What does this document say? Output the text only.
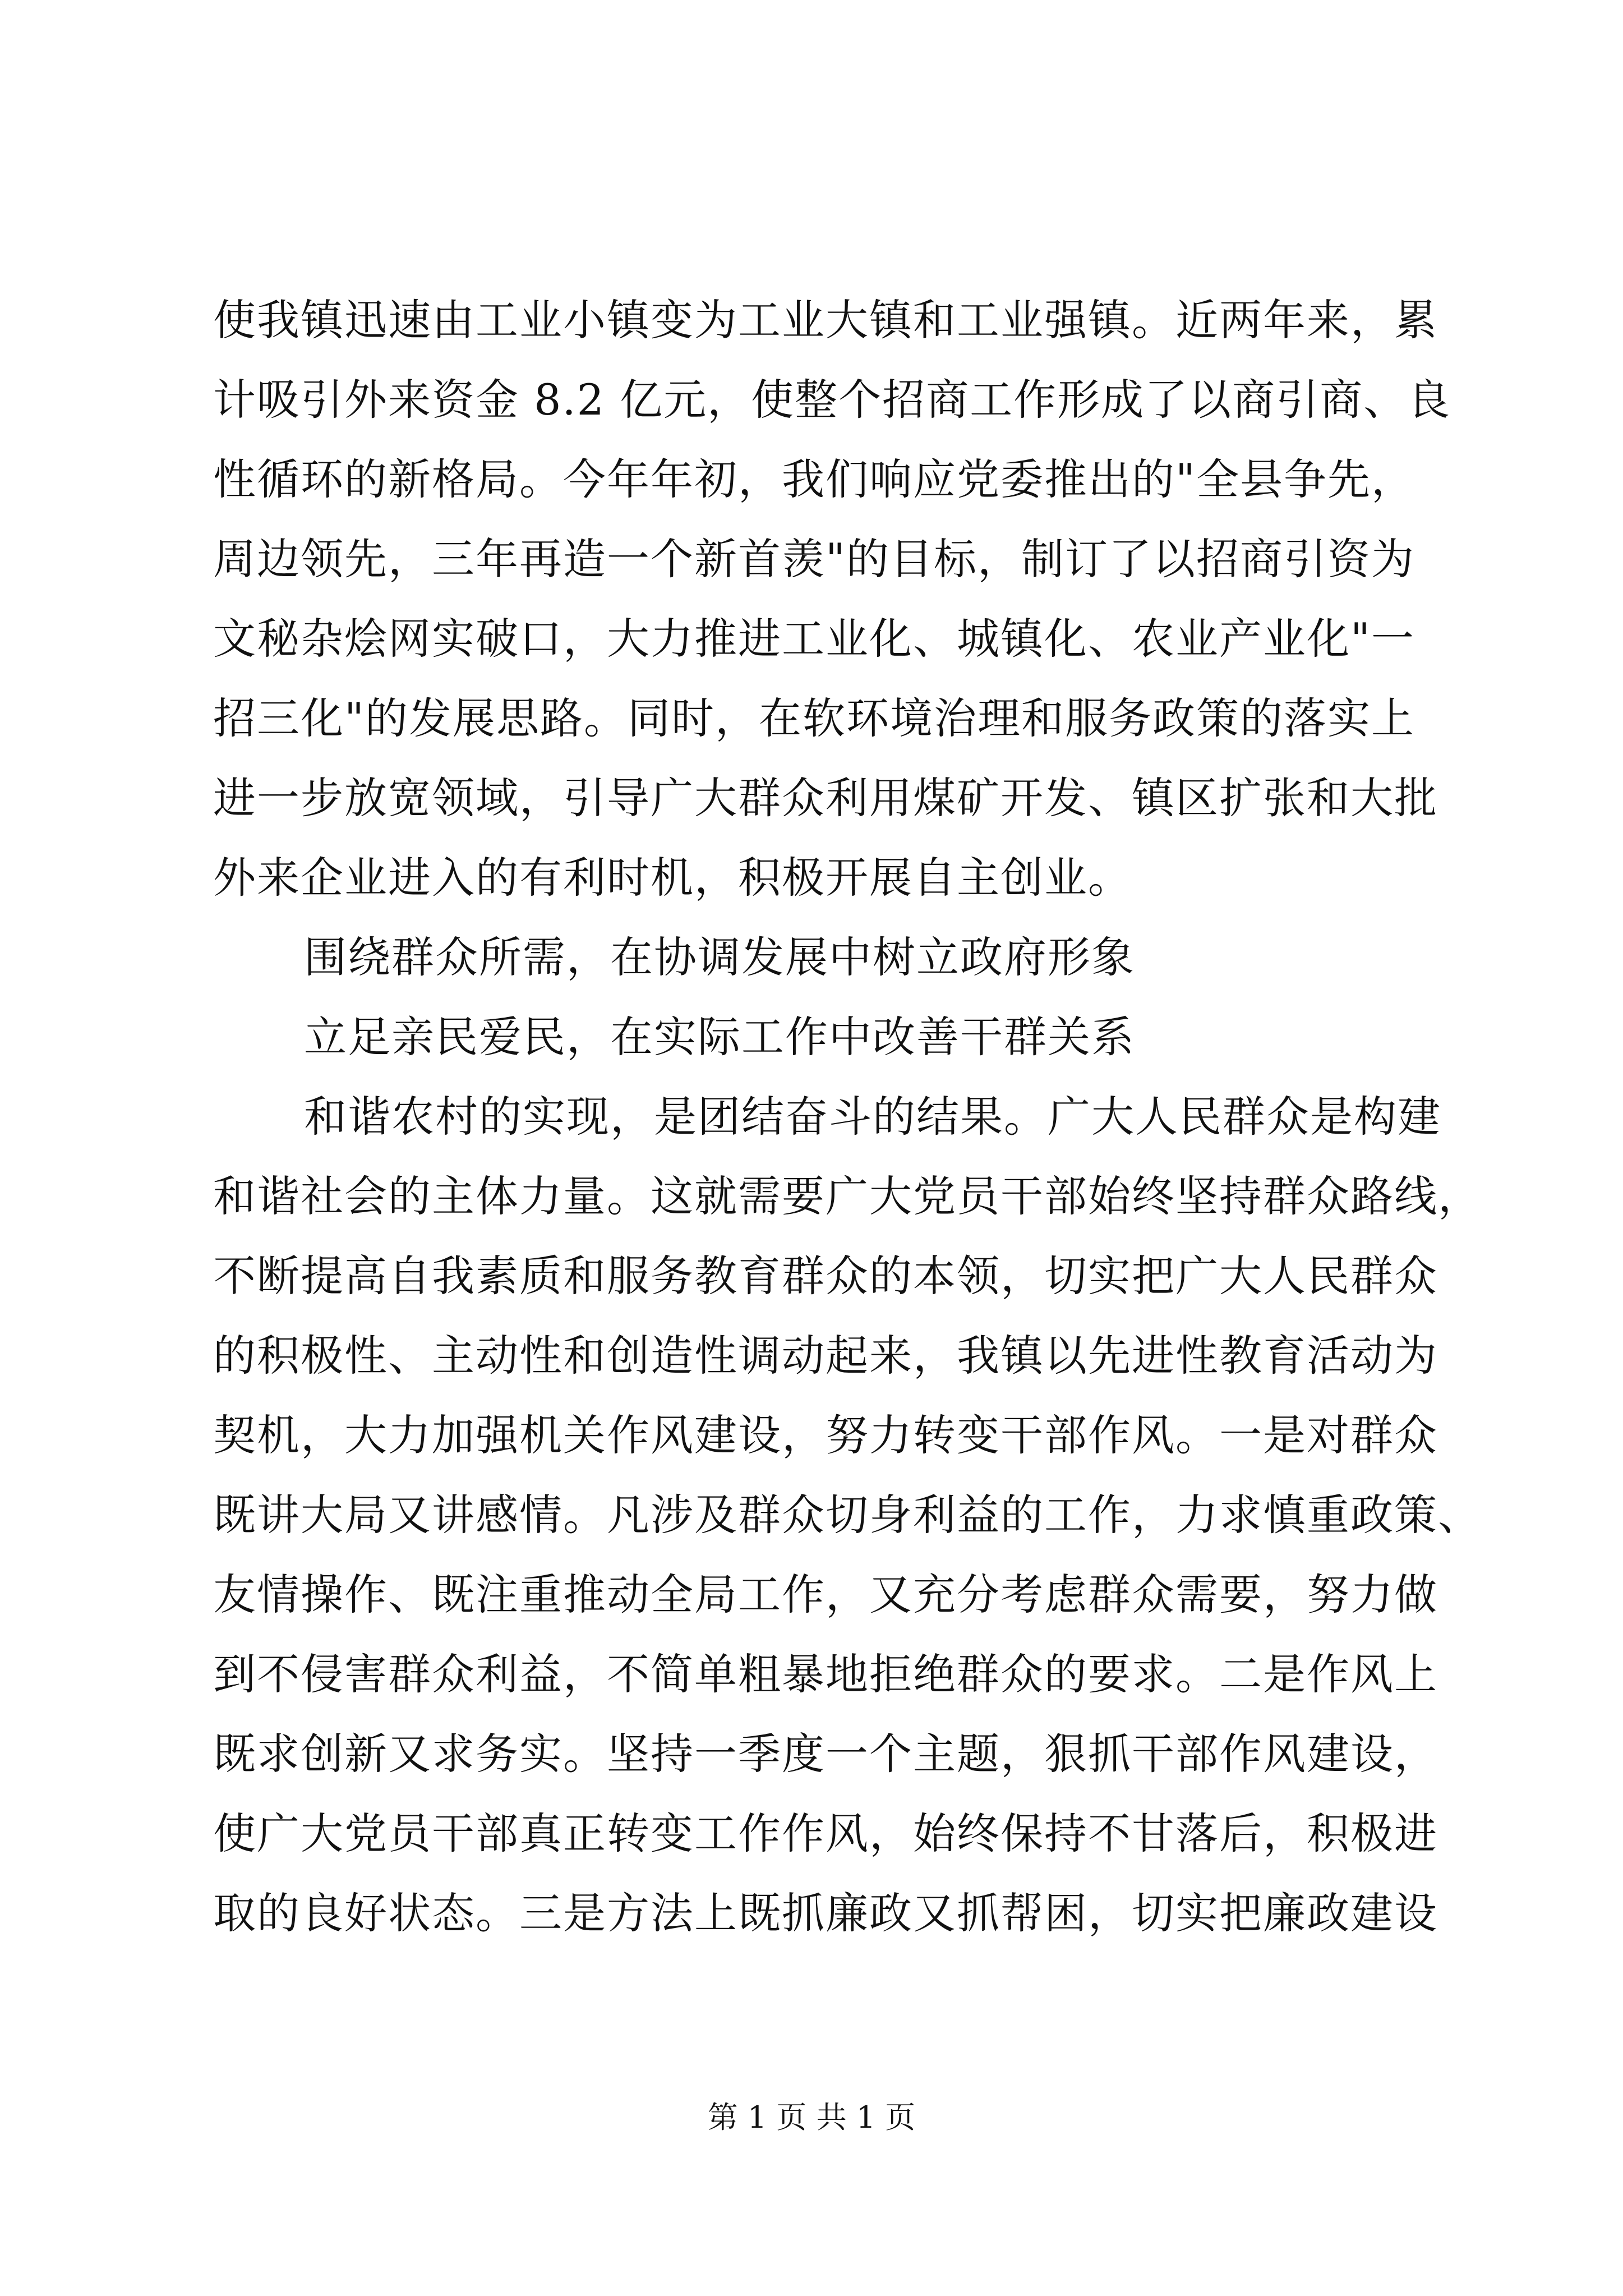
使我镇迅速由工业小镇变为工业大镇和工业强镇。近两年来，累
计吸引外来资金 8.2 亿元，使整个招商工作形成了以商引商、良
性循环的新格局。今年年初，我们响应党委推出的"全县争先，
周边领先，三年再造一个新首羡"的目标，制订了以招商引资为
文秘杂烩网实破口，大力推进工业化、城镇化、农业产业化"一
招三化"的发展思路。同时，在软环境治理和服务政策的落实上
进一步放宽领域，引导广大群众利用煤矿开发、镇区扩张和大批
外来企业进入的有利时机，积极开展自主创业。
围绕群众所需，在协调发展中树立政府形象
立足亲民爱民，在实际工作中改善干群关系
和谐农村的实现，是团结奋斗的结果。广大人民群众是构建
和谐社会的主体力量。这就需要广大党员干部始终坚持群众路线，
不断提高自我素质和服务教育群众的本领，切实把广大人民群众
的积极性、主动性和创造性调动起来，我镇以先进性教育活动为
契机，大力加强机关作风建设，努力转变干部作风。一是对群众
既讲大局又讲感情。凡涉及群众切身利益的工作，力求慎重政策、
友情操作、既注重推动全局工作，又充分考虑群众需要，努力做
到不侵害群众利益，不简单粗暴地拒绝群众的要求。二是作风上
既求创新又求务实。坚持一季度一个主题，狠抓干部作风建设，
使广大党员干部真正转变工作作风，始终保持不甘落后，积极进
取的良好状态。三是方法上既抓廉政又抓帮困，切实把廉政建设
第 1 页 共 1 页
